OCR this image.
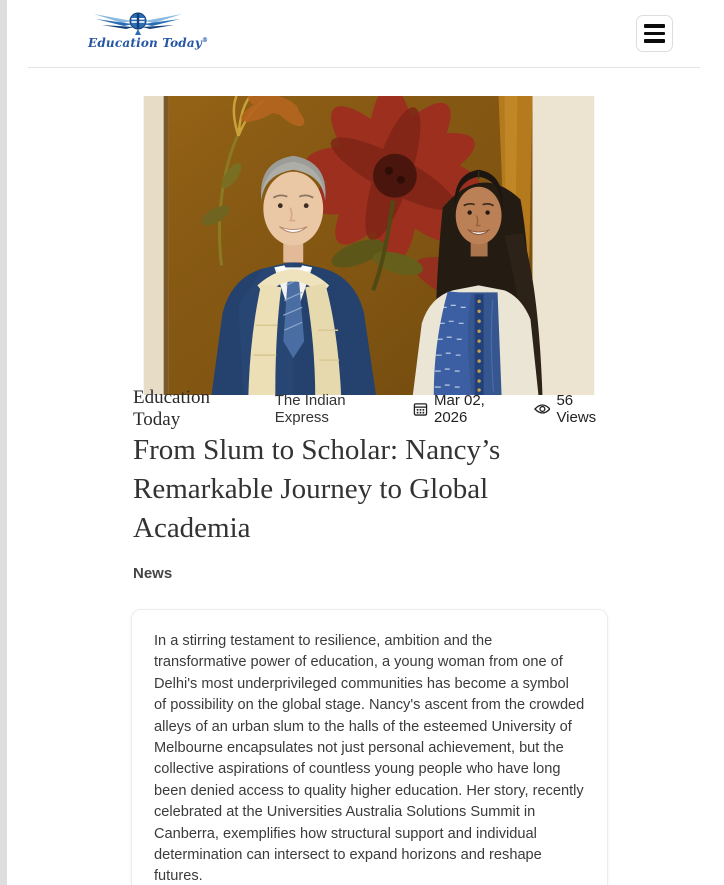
Education Today®
Education Today
The Indian Express
Mar 02, 2026
56 Views
From Slum to Scholar: Nancy’s Remarkable Journey to Global Academia
News

In a stirring testament to resilience, ambition and the transformative power of education, a young woman from one of Delhi's most underprivileged communities has become a symbol of possibility on the global stage. Nancy's ascent from the crowded alleys of an urban slum to the halls of the esteemed University of Melbourne encapsulates not just personal achievement, but the collective aspirations of countless young people who have long been denied access to quality higher education. Her story, recently celebrated at the Universities Australia Solutions Summit in Canberra, exemplifies how structural support and individual determination can intersect to expand horizons and reshape futures.
